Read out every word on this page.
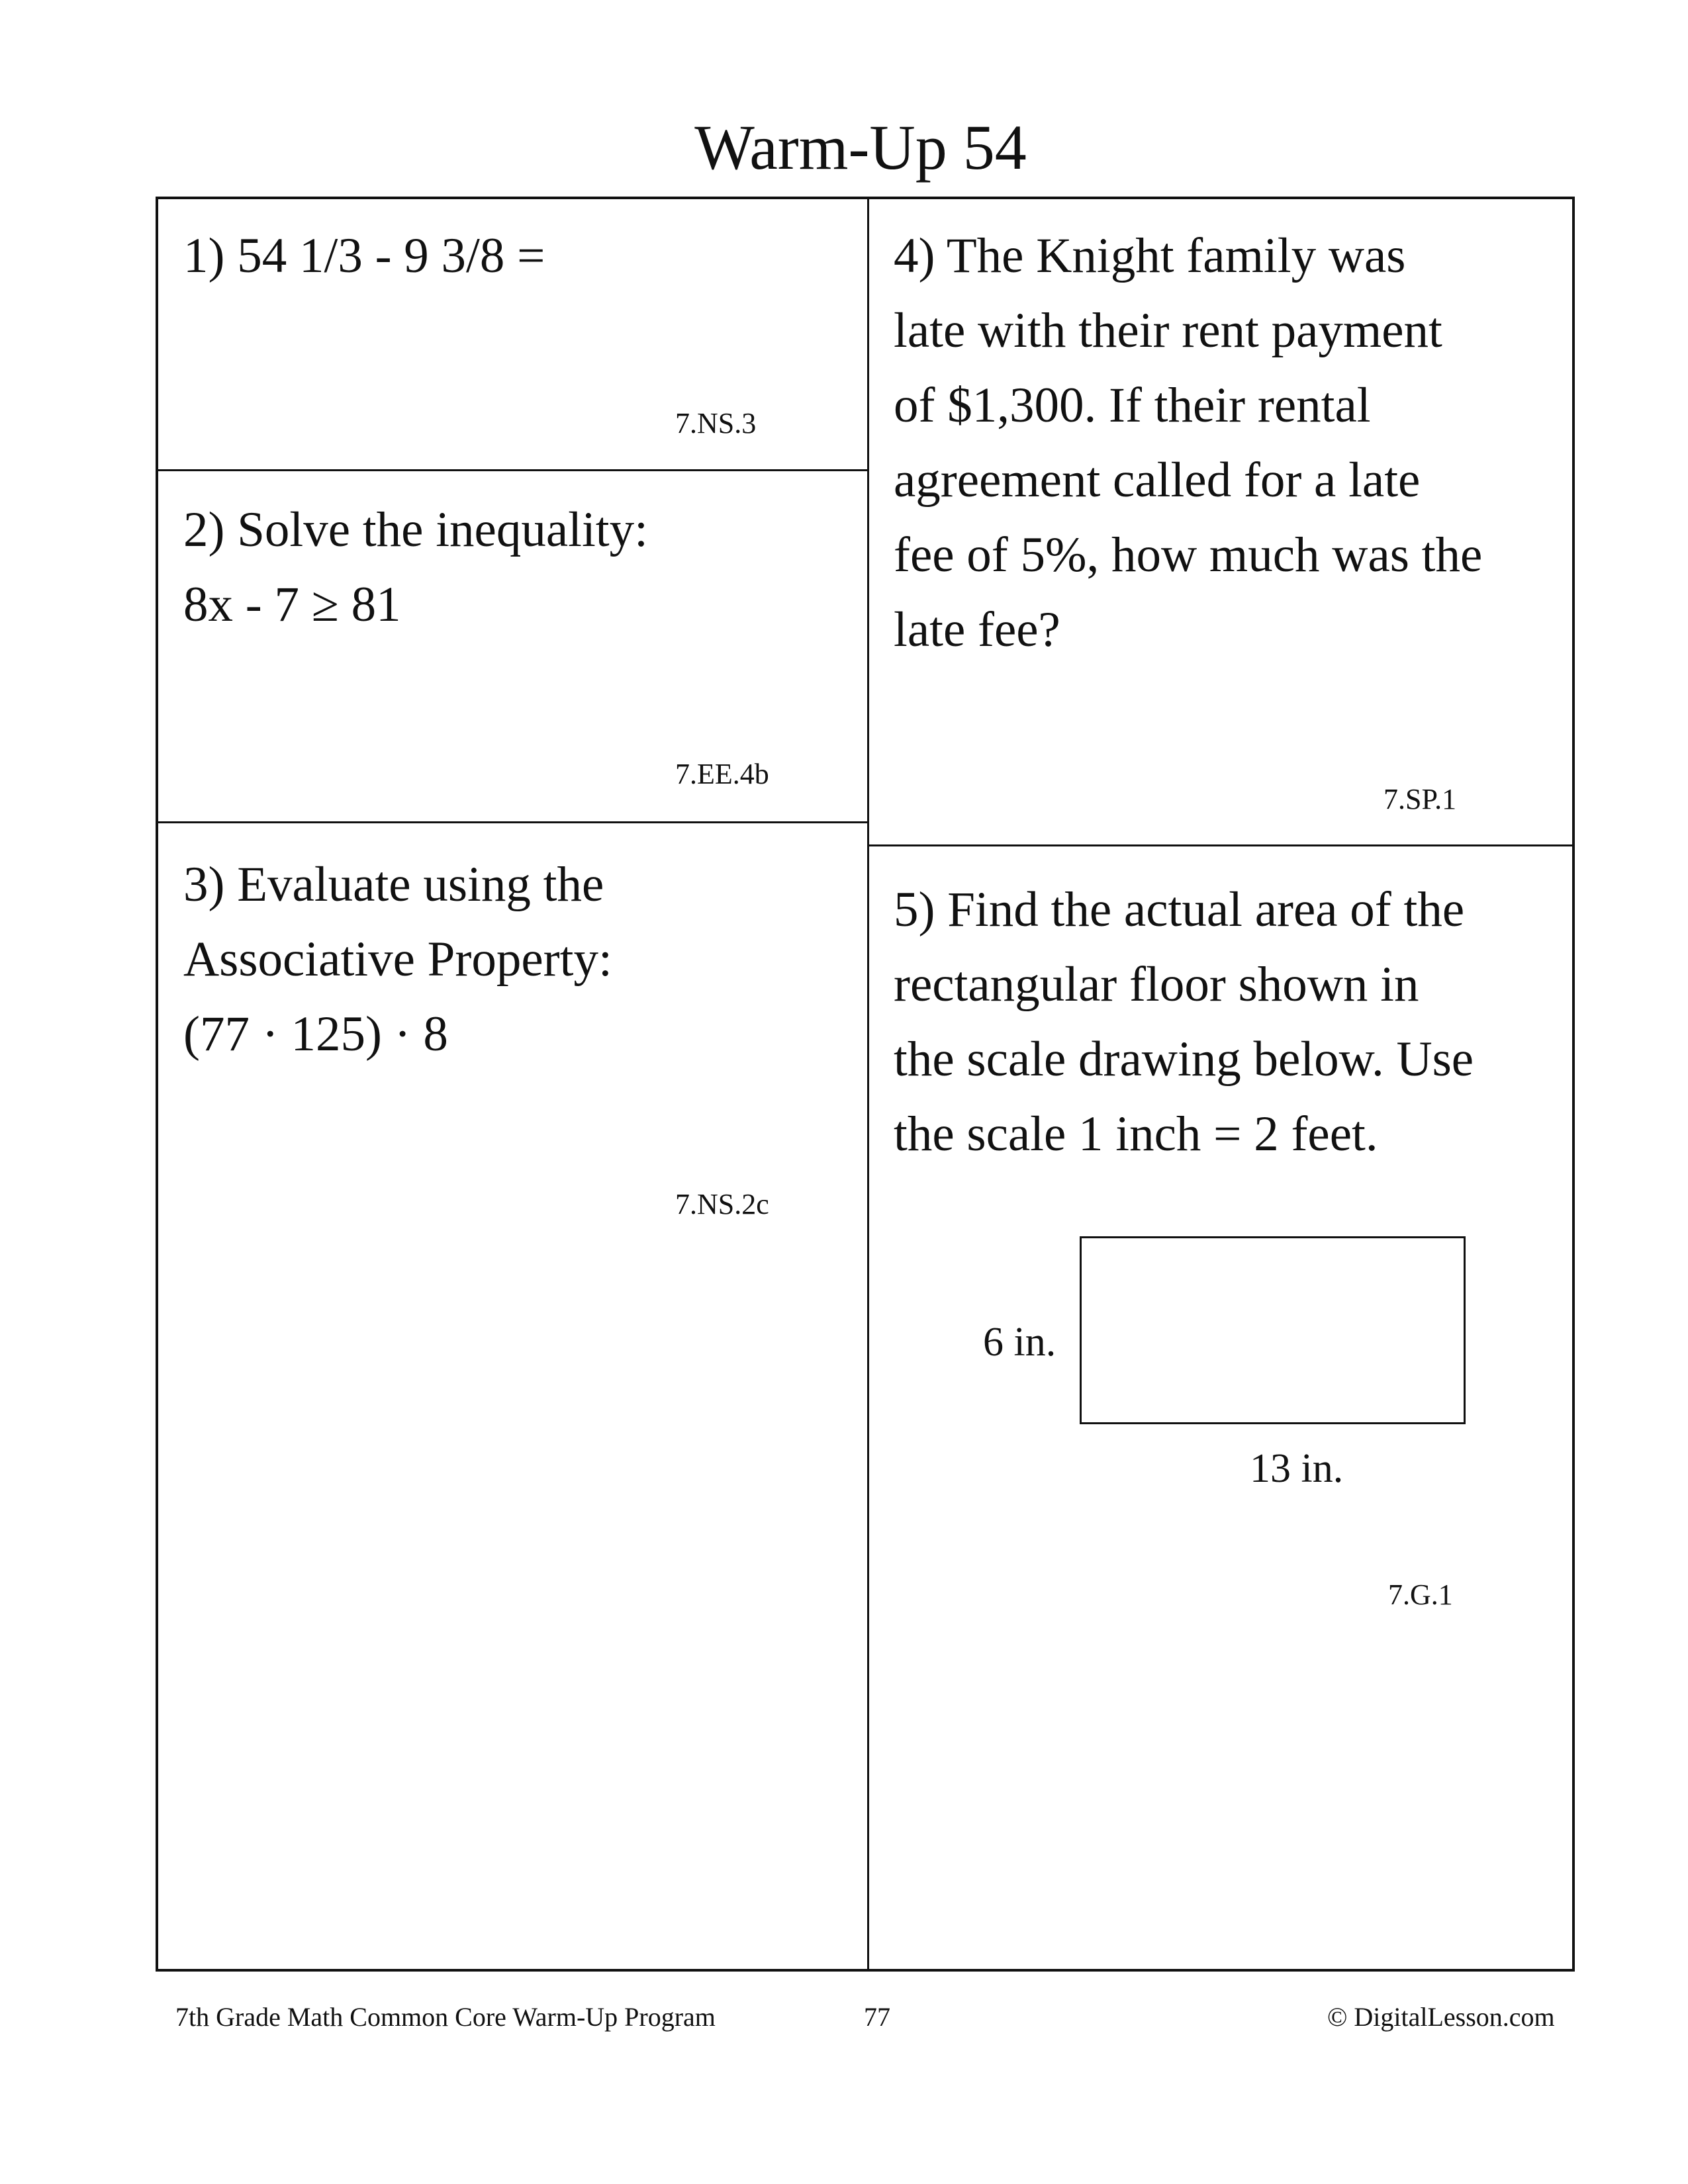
Warm-Up 54
1) 54 1/3 - 9 3/8 =
7.NS.3
2) Solve the inequality:
8x - 7 ≥ 81
7.EE.4b
3) Evaluate using the
Associative Property:
(77 · 125) · 8
7.NS.2c
4) The Knight family was
late with their rent payment
of $1,300. If their rental
agreement called for a late
fee of 5%, how much was the
late fee?
7.SP.1
5) Find the actual area of the
rectangular floor shown in
the scale drawing below. Use
the scale 1 inch = 2 feet.
6 in.
13 in.
7.G.1
7th Grade Math Common Core Warm-Up Program	77	© DigitalLesson.com
